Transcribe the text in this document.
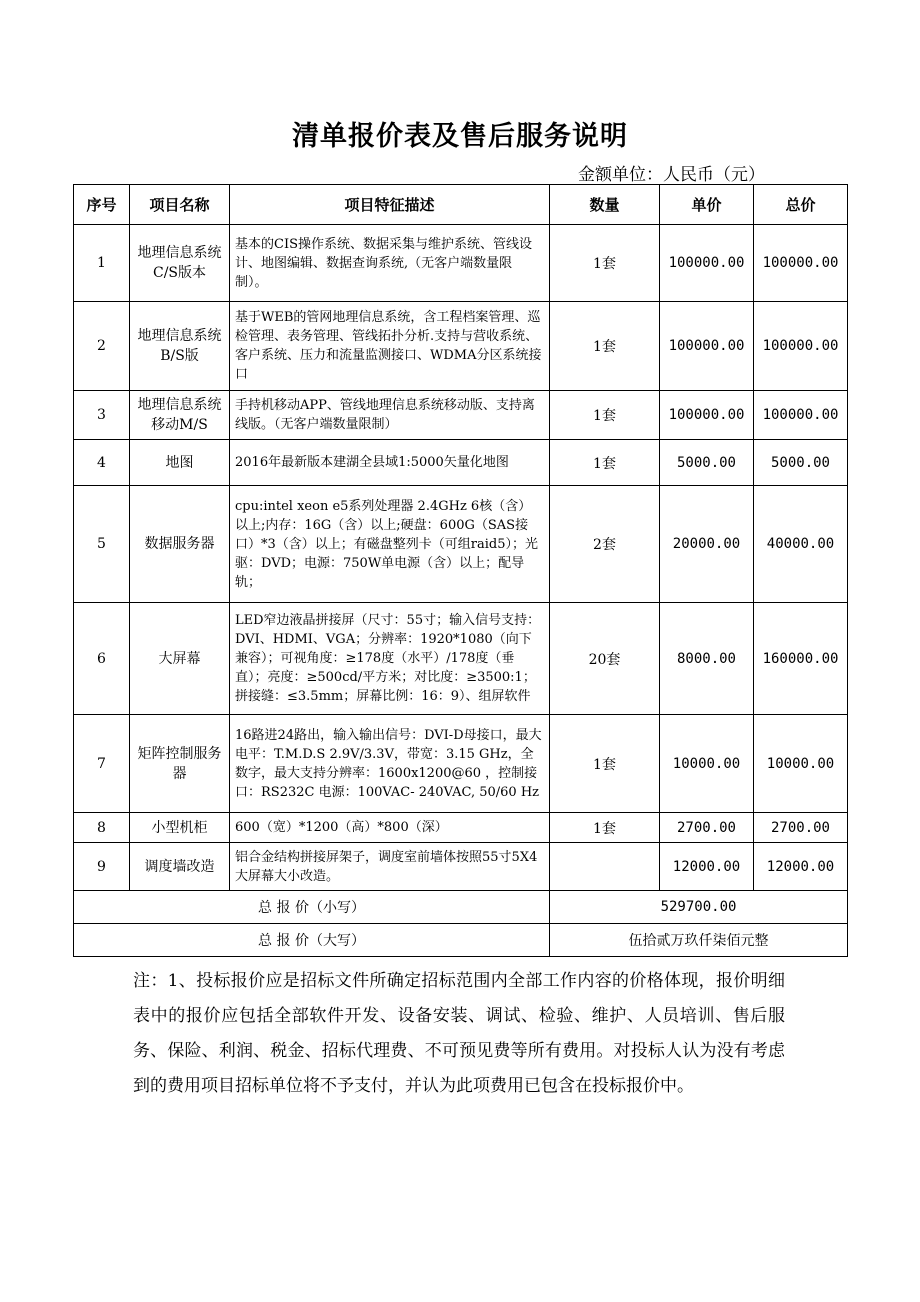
清单报价表及售后服务说明
金额单位：人民币（元）
序号	项目名称	项目特征描述	数量	单价	总价
1	地理信息系统C/S版本	基本的CIS操作系统、数据采集与维护系统、管线设计、地图编辑、数据查询系统,（无客户端数量限制）。	1套	100000.00	100000.00
2	地理信息系统B/S版	基于WEB的管网地理信息系统，含工程档案管理、巡检管理、表务管理、管线拓扑分析.支持与营收系统、客户系统、压力和流量监测接口、WDMA分区系统接口	1套	100000.00	100000.00
3	地理信息系统移动M/S	手持机移动APP、管线地理信息系统移动版、支持离线版。（无客户端数量限制）	1套	100000.00	100000.00
4	地图	2016年最新版本建湖全县域1:5000矢量化地图	1套	5000.00	5000.00
5	数据服务器	cpu:intel xeon e5系列处理器 2.4GHz 6核（含）以上;内存：16G（含）以上;硬盘：600G（SAS接口）*3（含）以上；有磁盘整列卡（可组raid5）；光驱：DVD；电源：750W单电源（含）以上；配导轨；	2套	20000.00	40000.00
6	大屏幕	LED窄边液晶拼接屏（尺寸：55寸；输入信号支持：DVI、HDMI、VGA；分辨率：1920*1080（向下兼容）；可视角度：≥178度（水平）/178度（垂直）；亮度：≥500cd/平方米；对比度：≥3500:1；拼接缝：≤3.5mm；屏幕比例：16：9）、组屏软件	20套	8000.00	160000.00
7	矩阵控制服务器	16路进24路出，输入输出信号：DVI-D母接口，最大电平：T.M.D.S 2.9V/3.3V，带宽：3.15 GHz，全数字，最大支持分辨率：1600x1200@60 ，控制接口：RS232C 电源：100VAC- 240VAC, 50/60 Hz	1套	10000.00	10000.00
8	小型机柜	600（宽）*1200（高）*800（深）	1套	2700.00	2700.00
9	调度墙改造	铝合金结构拼接屏架子，调度室前墙体按照55寸5X4大屏幕大小改造。		12000.00	12000.00
总 报 价（小写）			529700.00		
总 报 价（大写）			伍拾贰万玖仟柒佰元整		
注：1、投标报价应是招标文件所确定招标范围内全部工作内容的价格体现，报价明细表中的报价应包括全部软件开发、设备安装、调试、检验、维护、人员培训、售后服务、保险、利润、税金、招标代理费、不可预见费等所有费用。对投标人认为没有考虑到的费用项目招标单位将不予支付，并认为此项费用已包含在投标报价中。
